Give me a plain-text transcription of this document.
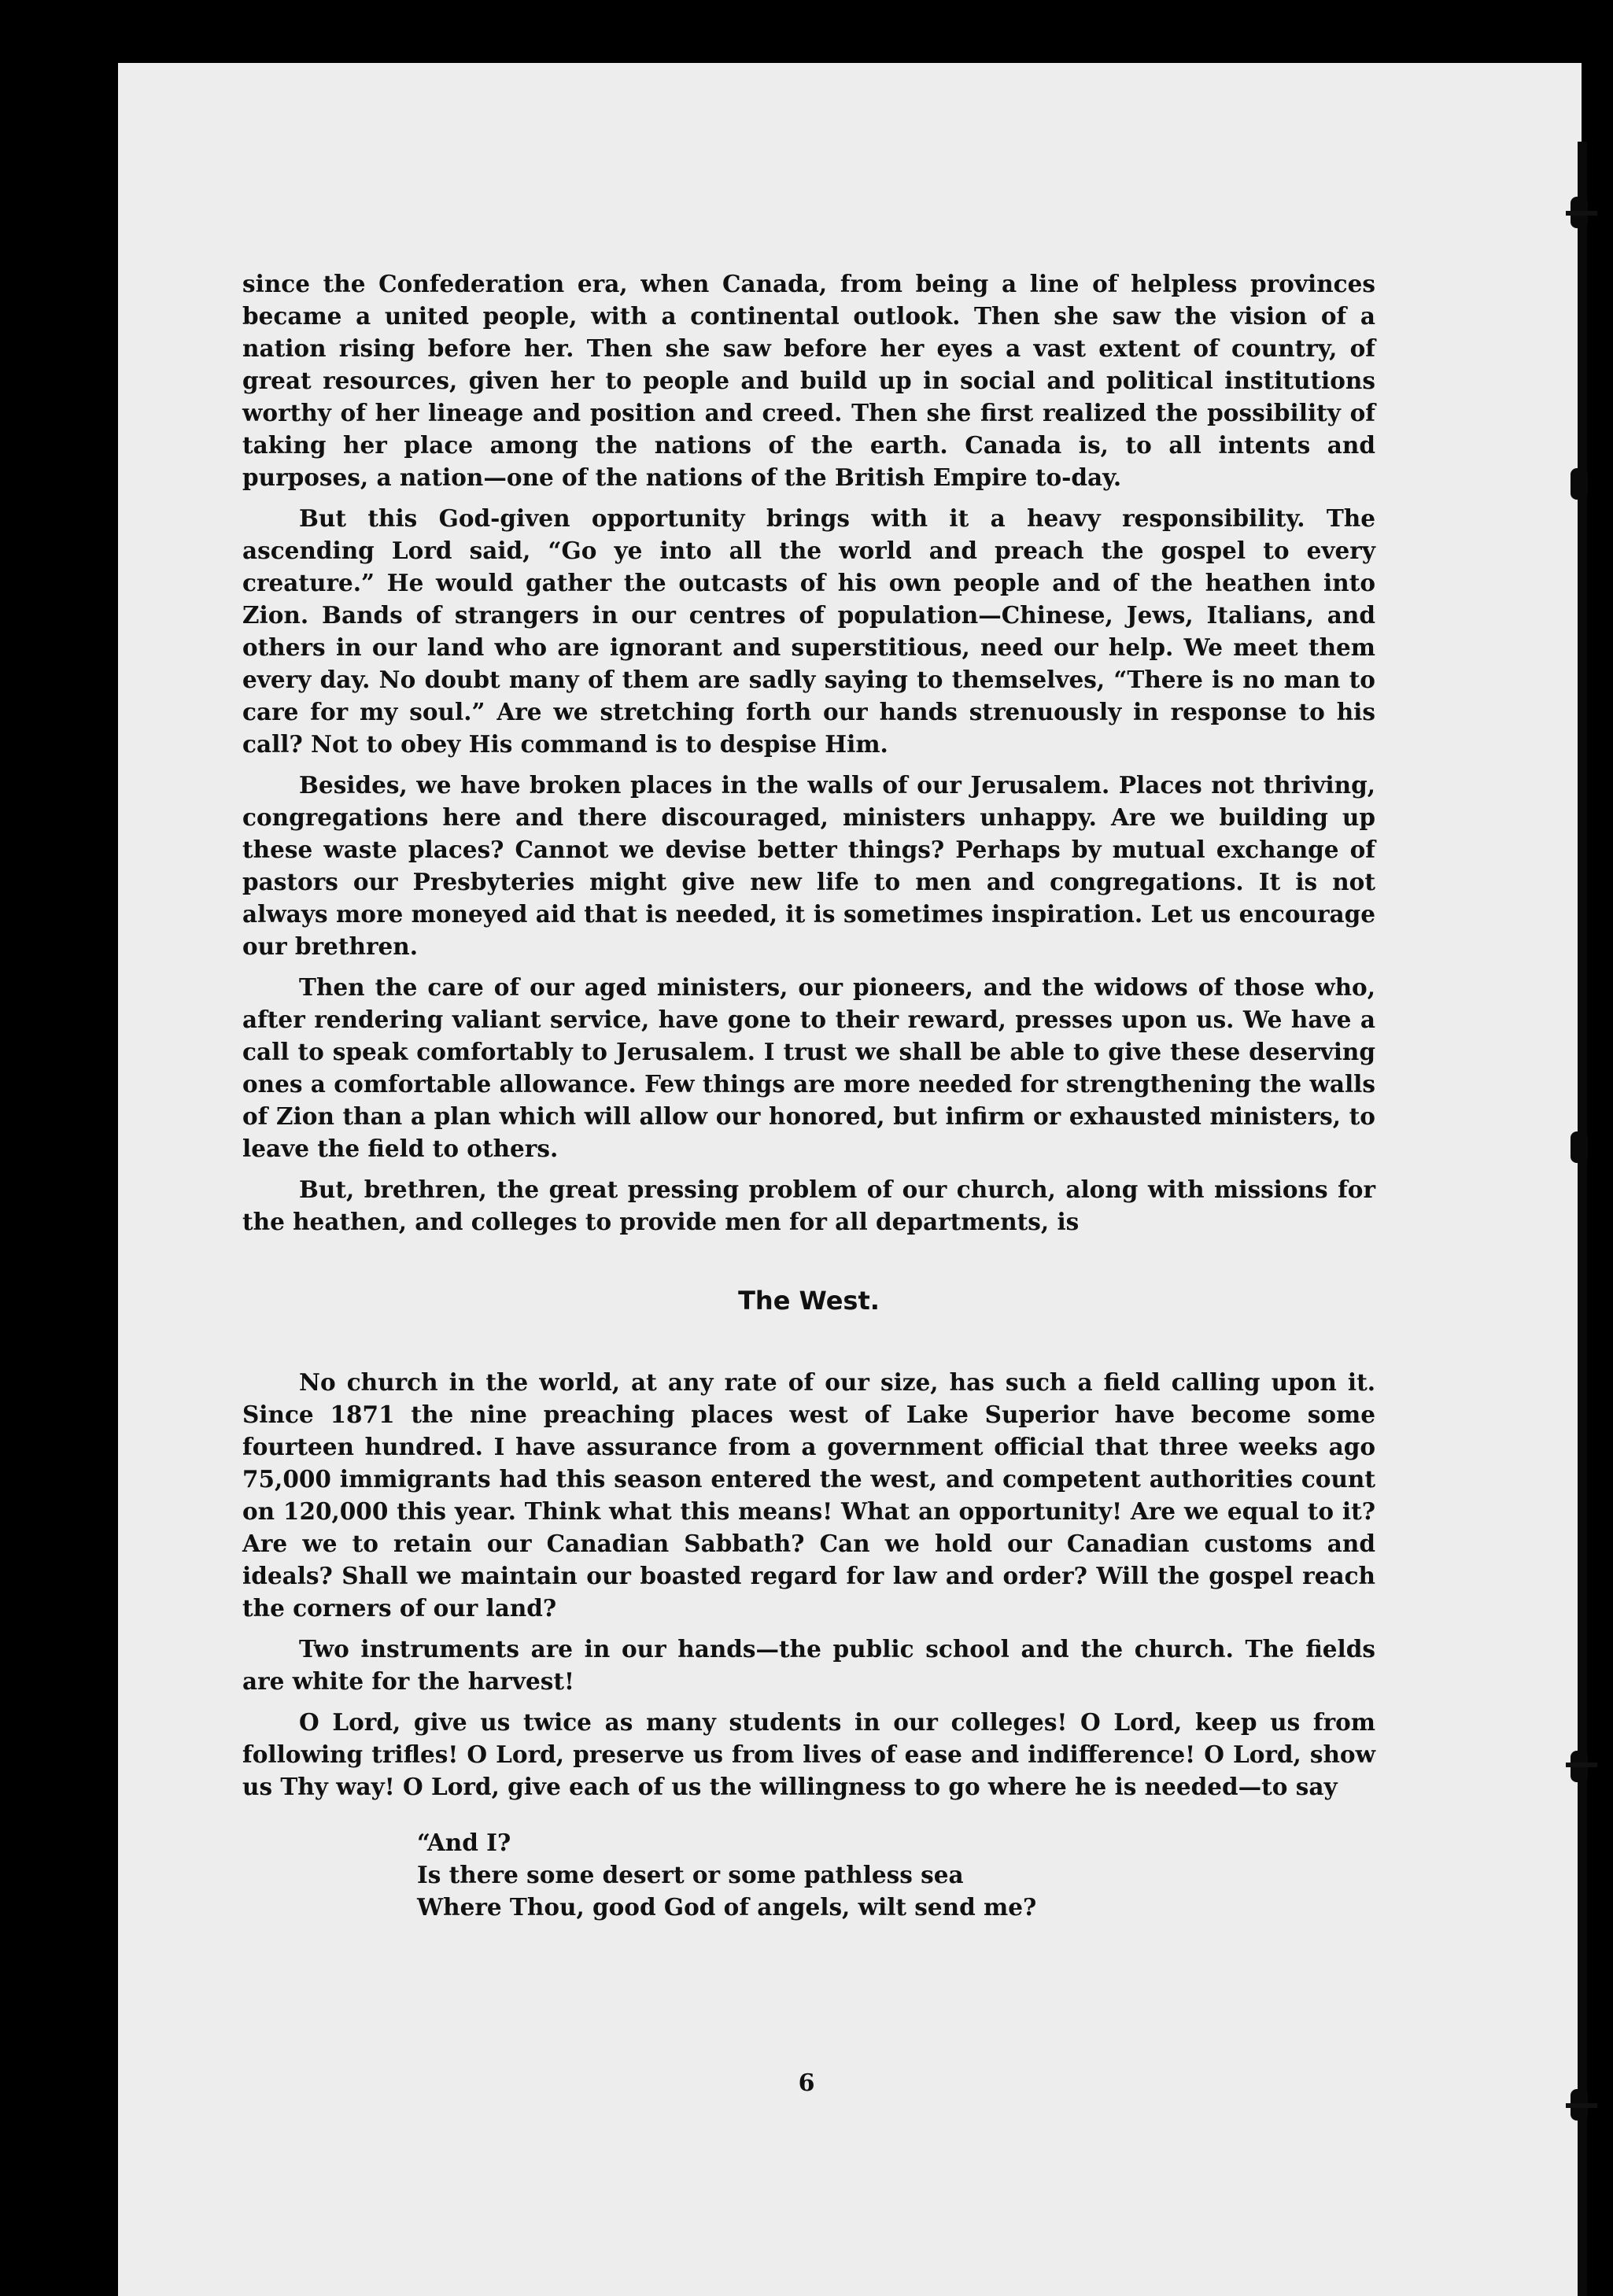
since the Confederation era, when Canada, from being a line of helpless provinces became a united people, with a continental outlook. Then she saw the vision of a nation rising before her. Then she saw before her eyes a vast extent of country, of great resources, given her to people and build up in social and political institutions worthy of her lineage and position and creed. Then she first realized the possibility of taking her place among the nations of the earth. Canada is, to all intents and purposes, a nation—one of the nations of the British Empire to-day.

But this God-given opportunity brings with it a heavy responsibility. The ascending Lord said, “Go ye into all the world and preach the gospel to every creature.” He would gather the outcasts of his own people and of the heathen into Zion. Bands of strangers in our centres of population—Chinese, Jews, Italians, and others in our land who are ignorant and superstitious, need our help. We meet them every day. No doubt many of them are sadly saying to themselves, “There is no man to care for my soul.” Are we stretching forth our hands strenuously in response to his call? Not to obey His command is to despise Him.

Besides, we have broken places in the walls of our Jerusalem. Places not thriving, congregations here and there discouraged, ministers unhappy. Are we building up these waste places? Cannot we devise better things? Perhaps by mutual exchange of pastors our Presbyteries might give new life to men and congregations. It is not always more moneyed aid that is needed, it is sometimes inspiration. Let us encourage our brethren.

Then the care of our aged ministers, our pioneers, and the widows of those who, after rendering valiant service, have gone to their reward, presses upon us. We have a call to speak comfortably to Jerusalem. I trust we shall be able to give these deserving ones a comfortable allowance. Few things are more needed for strengthening the walls of Zion than a plan which will allow our honored, but infirm or exhausted ministers, to leave the field to others.

But, brethren, the great pressing problem of our church, along with missions for the heathen, and colleges to provide men for all departments, is

The West.

No church in the world, at any rate of our size, has such a field calling upon it. Since 1871 the nine preaching places west of Lake Superior have become some fourteen hundred. I have assurance from a government official that three weeks ago 75,000 immigrants had this season entered the west, and competent authorities count on 120,000 this year. Think what this means! What an opportunity! Are we equal to it? Are we to retain our Canadian Sabbath? Can we hold our Canadian customs and ideals? Shall we maintain our boasted regard for law and order? Will the gospel reach the corners of our land?

Two instruments are in our hands—the public school and the church. The fields are white for the harvest!

O Lord, give us twice as many students in our colleges! O Lord, keep us from following trifles! O Lord, preserve us from lives of ease and indifference! O Lord, show us Thy way! O Lord, give each of us the willingness to go where he is needed—to say

“And I?
Is there some desert or some pathless sea
Where Thou, good God of angels, wilt send me?
6
